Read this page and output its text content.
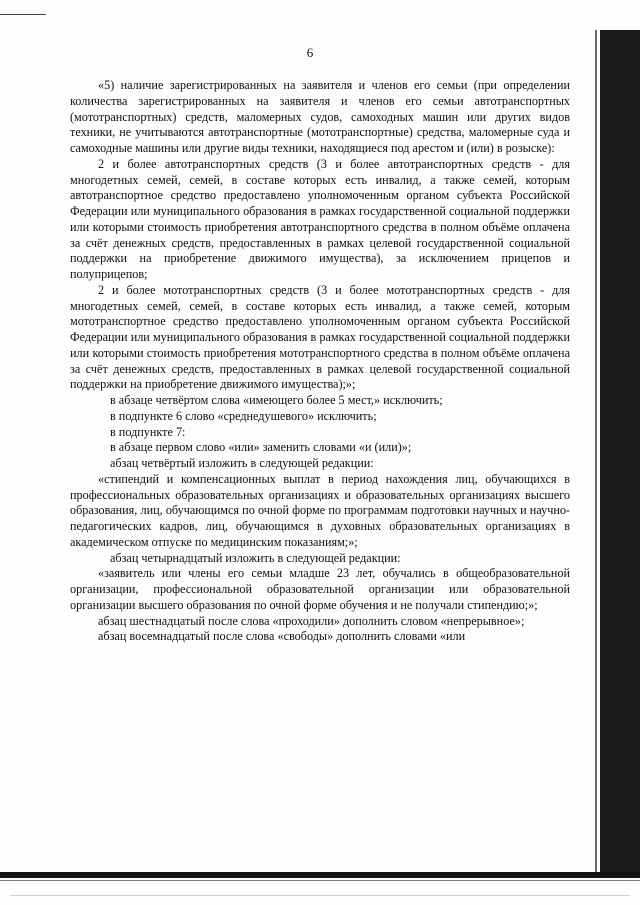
6

«5) наличие зарегистрированных на заявителя и членов его семьи (при определении количества зарегистрированных на заявителя и членов его семьи автотранспортных (мототранспортных) средств, маломерных судов, самоходных машин или других видов техники, не учитываются автотранспортные (мототранспортные) средства, маломерные суда и самоходные машины или другие виды техники, находящиеся под арестом и (или) в розыске):

2 и более автотранспортных средств (3 и более автотранспортных средств - для многодетных семей, семей, в составе которых есть инвалид, а также семей, которым автотранспортное средство предоставлено уполномоченным органом субъекта Российской Федерации или муниципального образования в рамках государственной социальной поддержки или которыми стоимость приобретения автотранспортного средства в полном объёме оплачена за счёт денежных средств, предоставленных в рамках целевой государственной социальной поддержки на приобретение движимого имущества), за исключением прицепов и полуприцепов;

2 и более мототранспортных средств (3 и более мототранспортных средств - для многодетных семей, семей, в составе которых есть инвалид, а также семей, которым мототранспортное средство предоставлено уполномоченным органом субъекта Российской Федерации или муниципального образования в рамках государственной социальной поддержки или которыми стоимость приобретения мототранспортного средства в полном объёме оплачена за счёт денежных средств, предоставленных в рамках целевой государственной социальной поддержки на приобретение движимого имущества);»;

в абзаце четвёртом слова «имеющего более 5 мест,» исключить;

в подпункте 6 слово «среднедушевого» исключить;

в подпункте 7:

в абзаце первом слово «или» заменить словами «и (или)»;

абзац четвёртый изложить в следующей редакции:

«стипендий и компенсационных выплат в период нахождения лиц, обучающихся в профессиональных образовательных организациях и образовательных организациях высшего образования, лиц, обучающимся по очной форме по программам подготовки научных и научно-педагогических кадров, лиц, обучающимся в духовных образовательных организациях в академическом отпуске по медицинским показаниям;»;

абзац четырнадцатый изложить в следующей редакции:

«заявитель или члены его семьи младше 23 лет, обучались в общеобразовательной организации, профессиональной образовательной организации или образовательной организации высшего образования по очной форме обучения и не получали стипендию;»;

абзац шестнадцатый после слова «проходили» дополнить словом «непрерывное»;

абзац восемнадцатый после слова «свободы» дополнить словами «или
